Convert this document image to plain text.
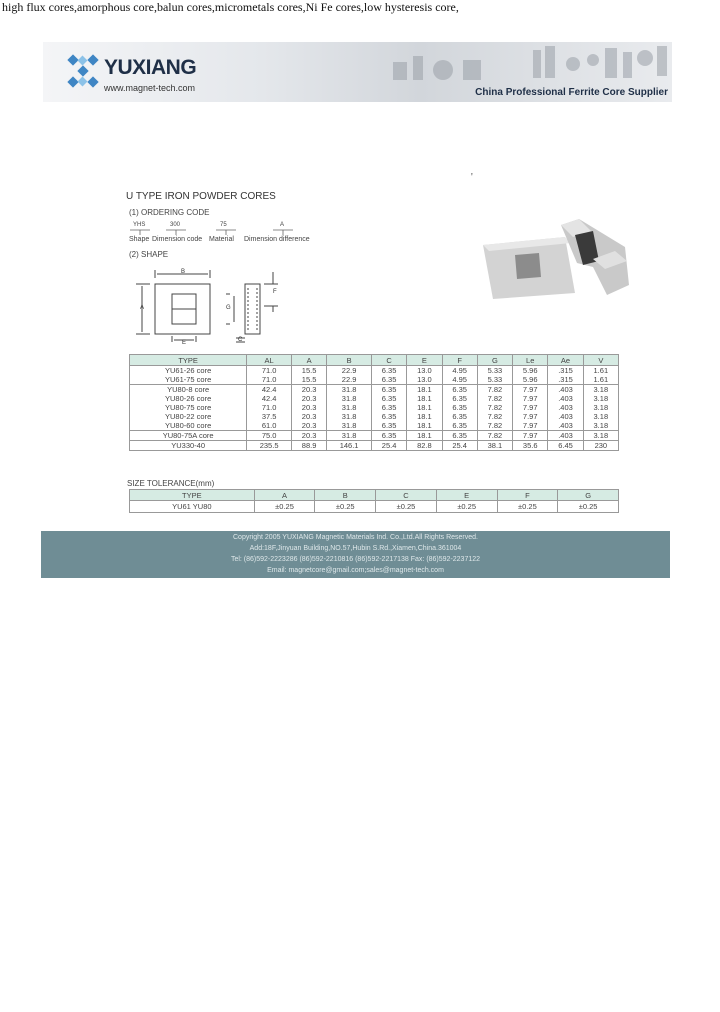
high flux cores,amorphous core,balun cores,micrometals cores,Ni Fe cores,low hysteresis core,
YUXIANG
www.magnet-tech.com	China Professional Ferrite Core Supplier
'
U TYPE IRON POWDER CORES
(1) ORDERING CODE
YHS	300	75	A
Shape Dimension code Material Dimension difference
(2) SHAPE
B
A	G
E
F
C
TYPE	AL	A	B	C	E	F	G	Le	Ae	V
YU61-26 core	71.0	15.5	22.9	6.35	13.0	4.95	5.33	5.96	.315	1.61
YU61-75 core	71.0	15.5	22.9	6.35	13.0	4.95	5.33	5.96	.315	1.61
YU80-8 core	42.4	20.3	31.8	6.35	18.1	6.35	7.82	7.97	.403	3.18
YU80-26 core	42.4	20.3	31.8	6.35	18.1	6.35	7.82	7.97	.403	3.18
YU80-75 core	71.0	20.3	31.8	6.35	18.1	6.35	7.82	7.97	.403	3.18
YU80-22 core	37.5	20.3	31.8	6.35	18.1	6.35	7.82	7.97	.403	3.18
YU80-60 core	61.0	20.3	31.8	6.35	18.1	6.35	7.82	7.97	.403	3.18
YU80-75A core	75.0	20.3	31.8	6.35	18.1	6.35	7.82	7.97	.403	3.18
YU330-40	235.5	88.9	146.1	25.4	82.8	25.4	38.1	35.6	6.45	230
SIZE TOLERANCE(mm)
TYPE	A	B	C	E	F	G
YU61 YU80	±0.25	±0.25	±0.25	±0.25	±0.25	±0.25
Copyright 2005 YUXIANG Magnetic Materials Ind. Co.,Ltd.All Rights Reserved.
Add:18F,Jinyuan Building,NO.57,Hubin S.Rd.,Xiamen,China.361004
Tel: (86)592-2223286 (86)592-2210816 (86)592-2217138 Fax: (86)592-2237122
Email: magnetcore@gmail.com;sales@magnet-tech.com
